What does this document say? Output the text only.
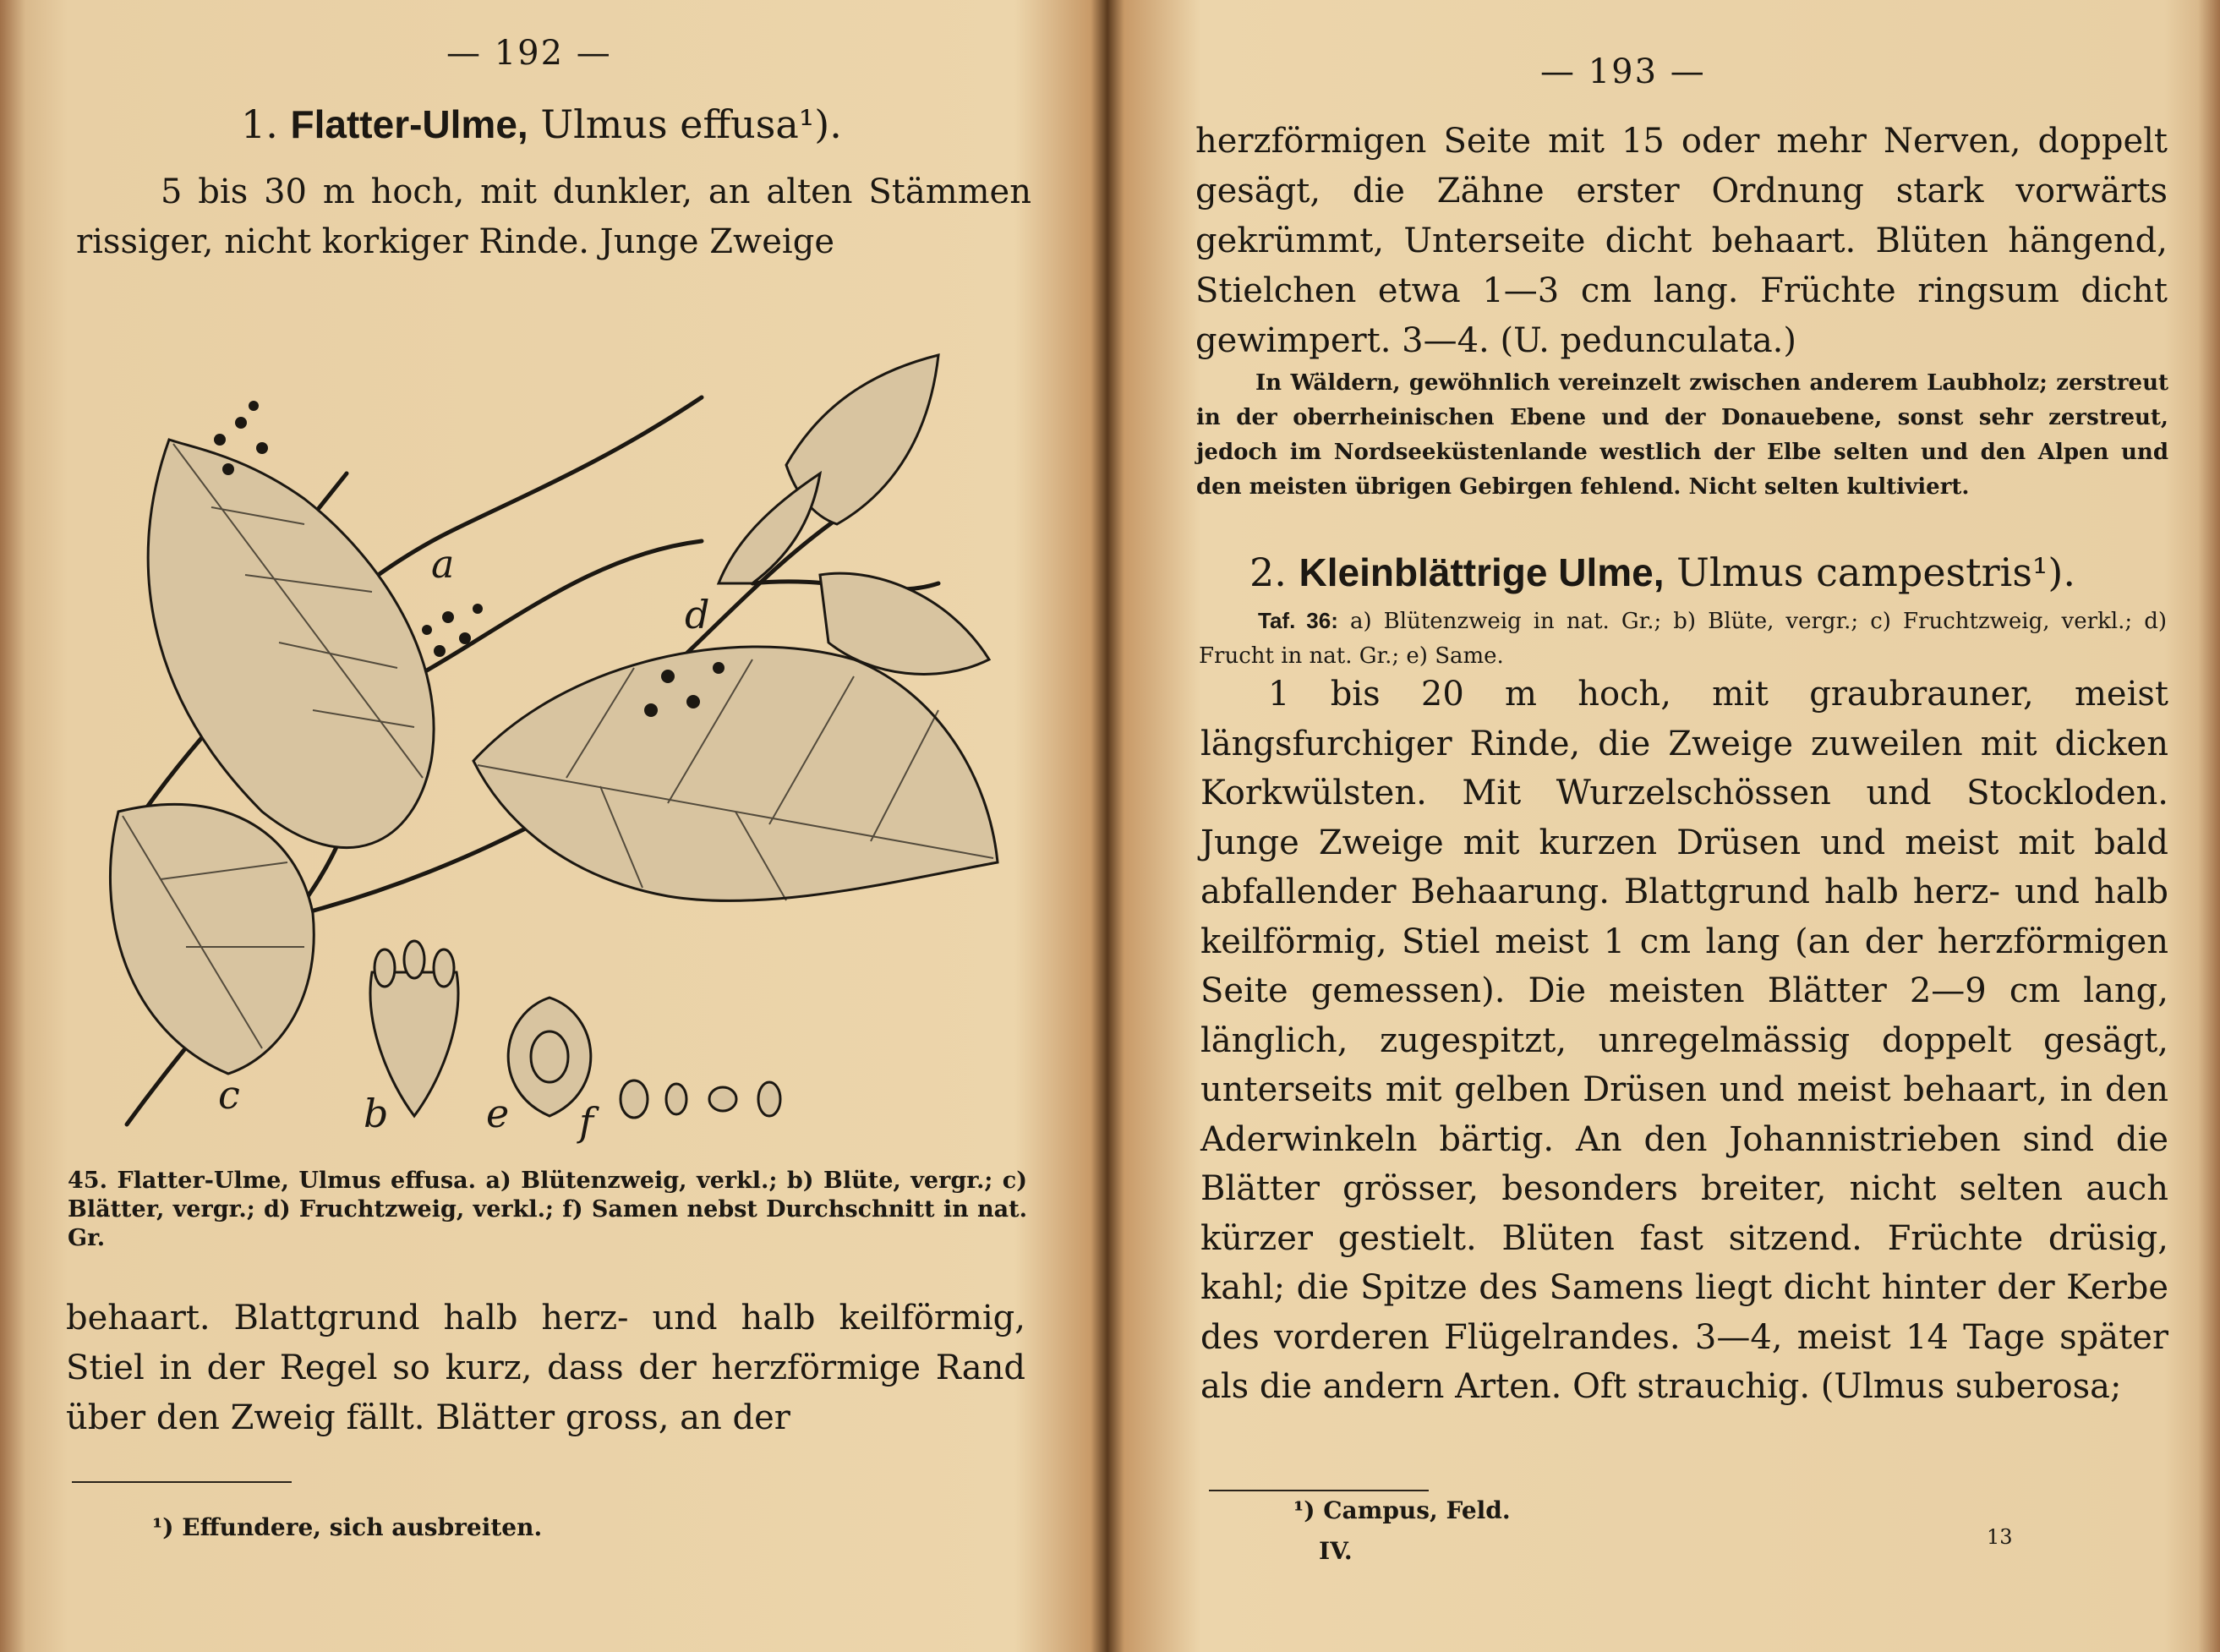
— 192 —
1. Flatter-Ulme, Ulmus effusa¹).
5 bis 30 m hoch, mit dunkler, an alten Stämmen rissiger, nicht korkiger Rinde. Junge Zweige
a
d
c	b	e f
45. Flatter-Ulme, Ulmus effusa. a) Blütenzweig, verkl.; b) Blüte, vergr.; c) Blätter, vergr.; d) Fruchtzweig, verkl.; f) Samen nebst Durchschnitt in nat. Gr.
behaart. Blattgrund halb herz- und halb keilförmig, Stiel in der Regel so kurz, dass der herzförmige Rand über den Zweig fällt. Blätter gross, an der
¹) Effundere, sich ausbreiten.
— 193 —
herzförmigen Seite mit 15 oder mehr Nerven, doppelt gesägt, die Zähne erster Ordnung stark vorwärts gekrümmt, Unterseite dicht behaart. Blüten hängend, Stielchen etwa 1—3 cm lang. Früchte ringsum dicht gewimpert. 3—4. (U. pedunculata.)
In Wäldern, gewöhnlich vereinzelt zwischen anderem Laubholz; zerstreut in der oberrheinischen Ebene und der Donauebene, sonst sehr zerstreut, jedoch im Nordseeküstenlande westlich der Elbe selten und den Alpen und den meisten übrigen Gebirgen fehlend. Nicht selten kultiviert.
2. Kleinblättrige Ulme, Ulmus campestris¹).
Taf. 36: a) Blütenzweig in nat. Gr.; b) Blüte, vergr.; c) Fruchtzweig, verkl.; d) Frucht in nat. Gr.; e) Same.
1 bis 20 m hoch, mit graubrauner, meist längsfurchiger Rinde, die Zweige zuweilen mit dicken Korkwülsten. Mit Wurzelschössen und Stockloden. Junge Zweige mit kurzen Drüsen und meist mit bald abfallender Behaarung. Blattgrund halb herz- und halb keilförmig, Stiel meist 1 cm lang (an der herzförmigen Seite gemessen). Die meisten Blätter 2—9 cm lang, länglich, zugespitzt, unregelmässig doppelt gesägt, unterseits mit gelben Drüsen und meist behaart, in den Aderwinkeln bärtig. An den Johannistrieben sind die Blätter grösser, besonders breiter, nicht selten auch kürzer gestielt. Blüten fast sitzend. Früchte drüsig, kahl; die Spitze des Samens liegt dicht hinter der Kerbe des vorderen Flügelrandes. 3—4, meist 14 Tage später als die andern Arten. Oft strauchig. (Ulmus suberosa;
¹) Campus, Feld.
IV.	13
